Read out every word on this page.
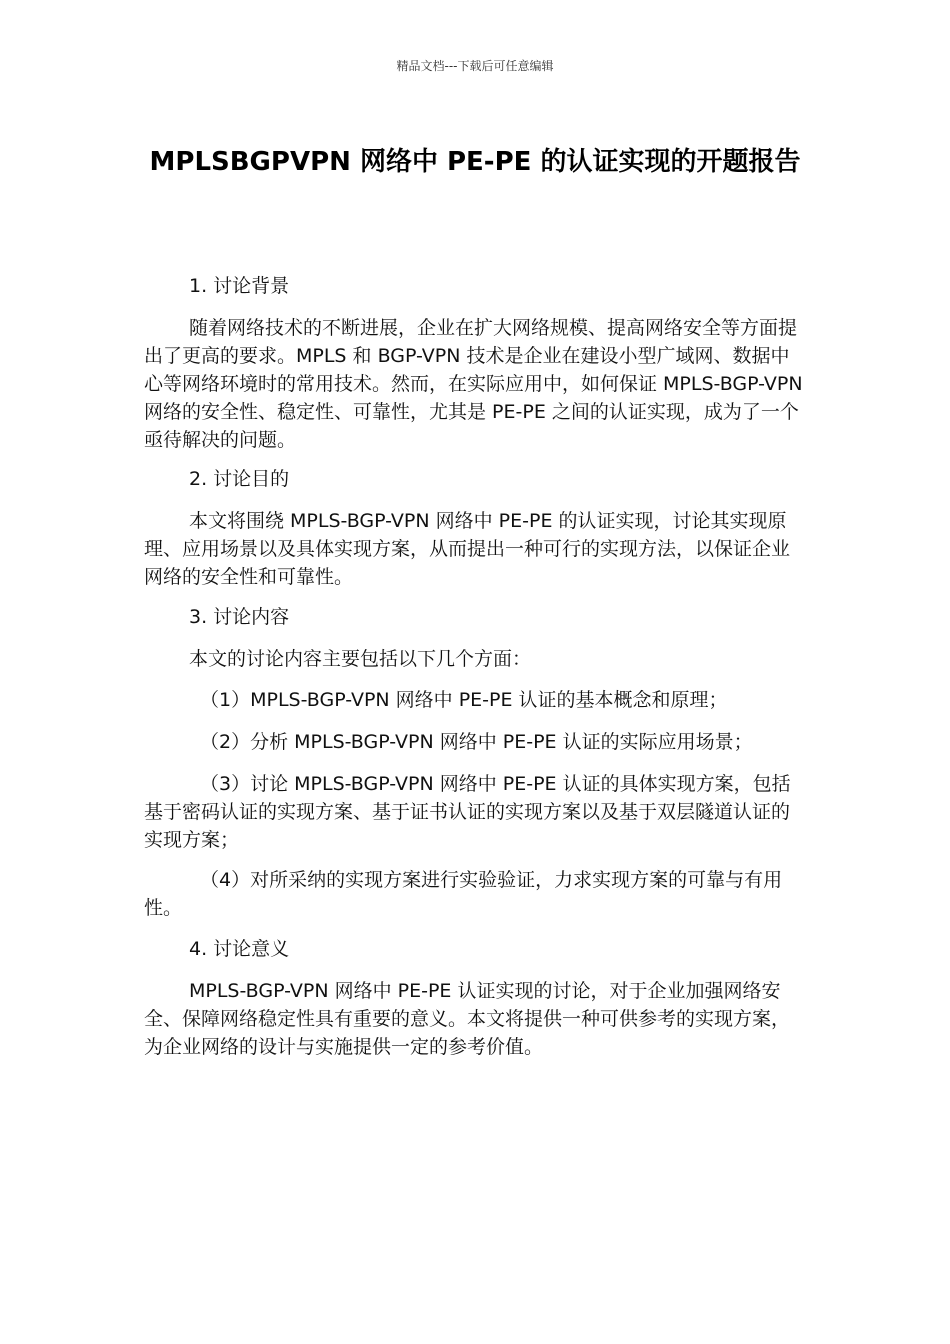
精品文档---下载后可任意编辑
MPLSBGPVPN 网络中 PE-PE 的认证实现的开题报告

1. 讨论背景

随着网络技术的不断进展，企业在扩大网络规模、提高网络安全等方面提出了更高的要求。MPLS 和 BGP-VPN 技术是企业在建设小型广域网、数据中心等网络环境时的常用技术。然而，在实际应用中，如何保证 MPLS-BGP-VPN 网络的安全性、稳定性、可靠性，尤其是 PE-PE 之间的认证实现，成为了一个亟待解决的问题。

2. 讨论目的

本文将围绕 MPLS-BGP-VPN 网络中 PE-PE 的认证实现，讨论其实现原理、应用场景以及具体实现方案，从而提出一种可行的实现方法，以保证企业网络的安全性和可靠性。

3. 讨论内容

本文的讨论内容主要包括以下几个方面：

（1）MPLS-BGP-VPN 网络中 PE-PE 认证的基本概念和原理；

（2）分析 MPLS-BGP-VPN 网络中 PE-PE 认证的实际应用场景；

（3）讨论 MPLS-BGP-VPN 网络中 PE-PE 认证的具体实现方案，包括基于密码认证的实现方案、基于证书认证的实现方案以及基于双层隧道认证的实现方案；

（4）对所采纳的实现方案进行实验验证，力求实现方案的可靠与有用性。

4. 讨论意义

MPLS-BGP-VPN 网络中 PE-PE 认证实现的讨论，对于企业加强网络安全、保障网络稳定性具有重要的意义。本文将提供一种可供参考的实现方案，为企业网络的设计与实施提供一定的参考价值。
